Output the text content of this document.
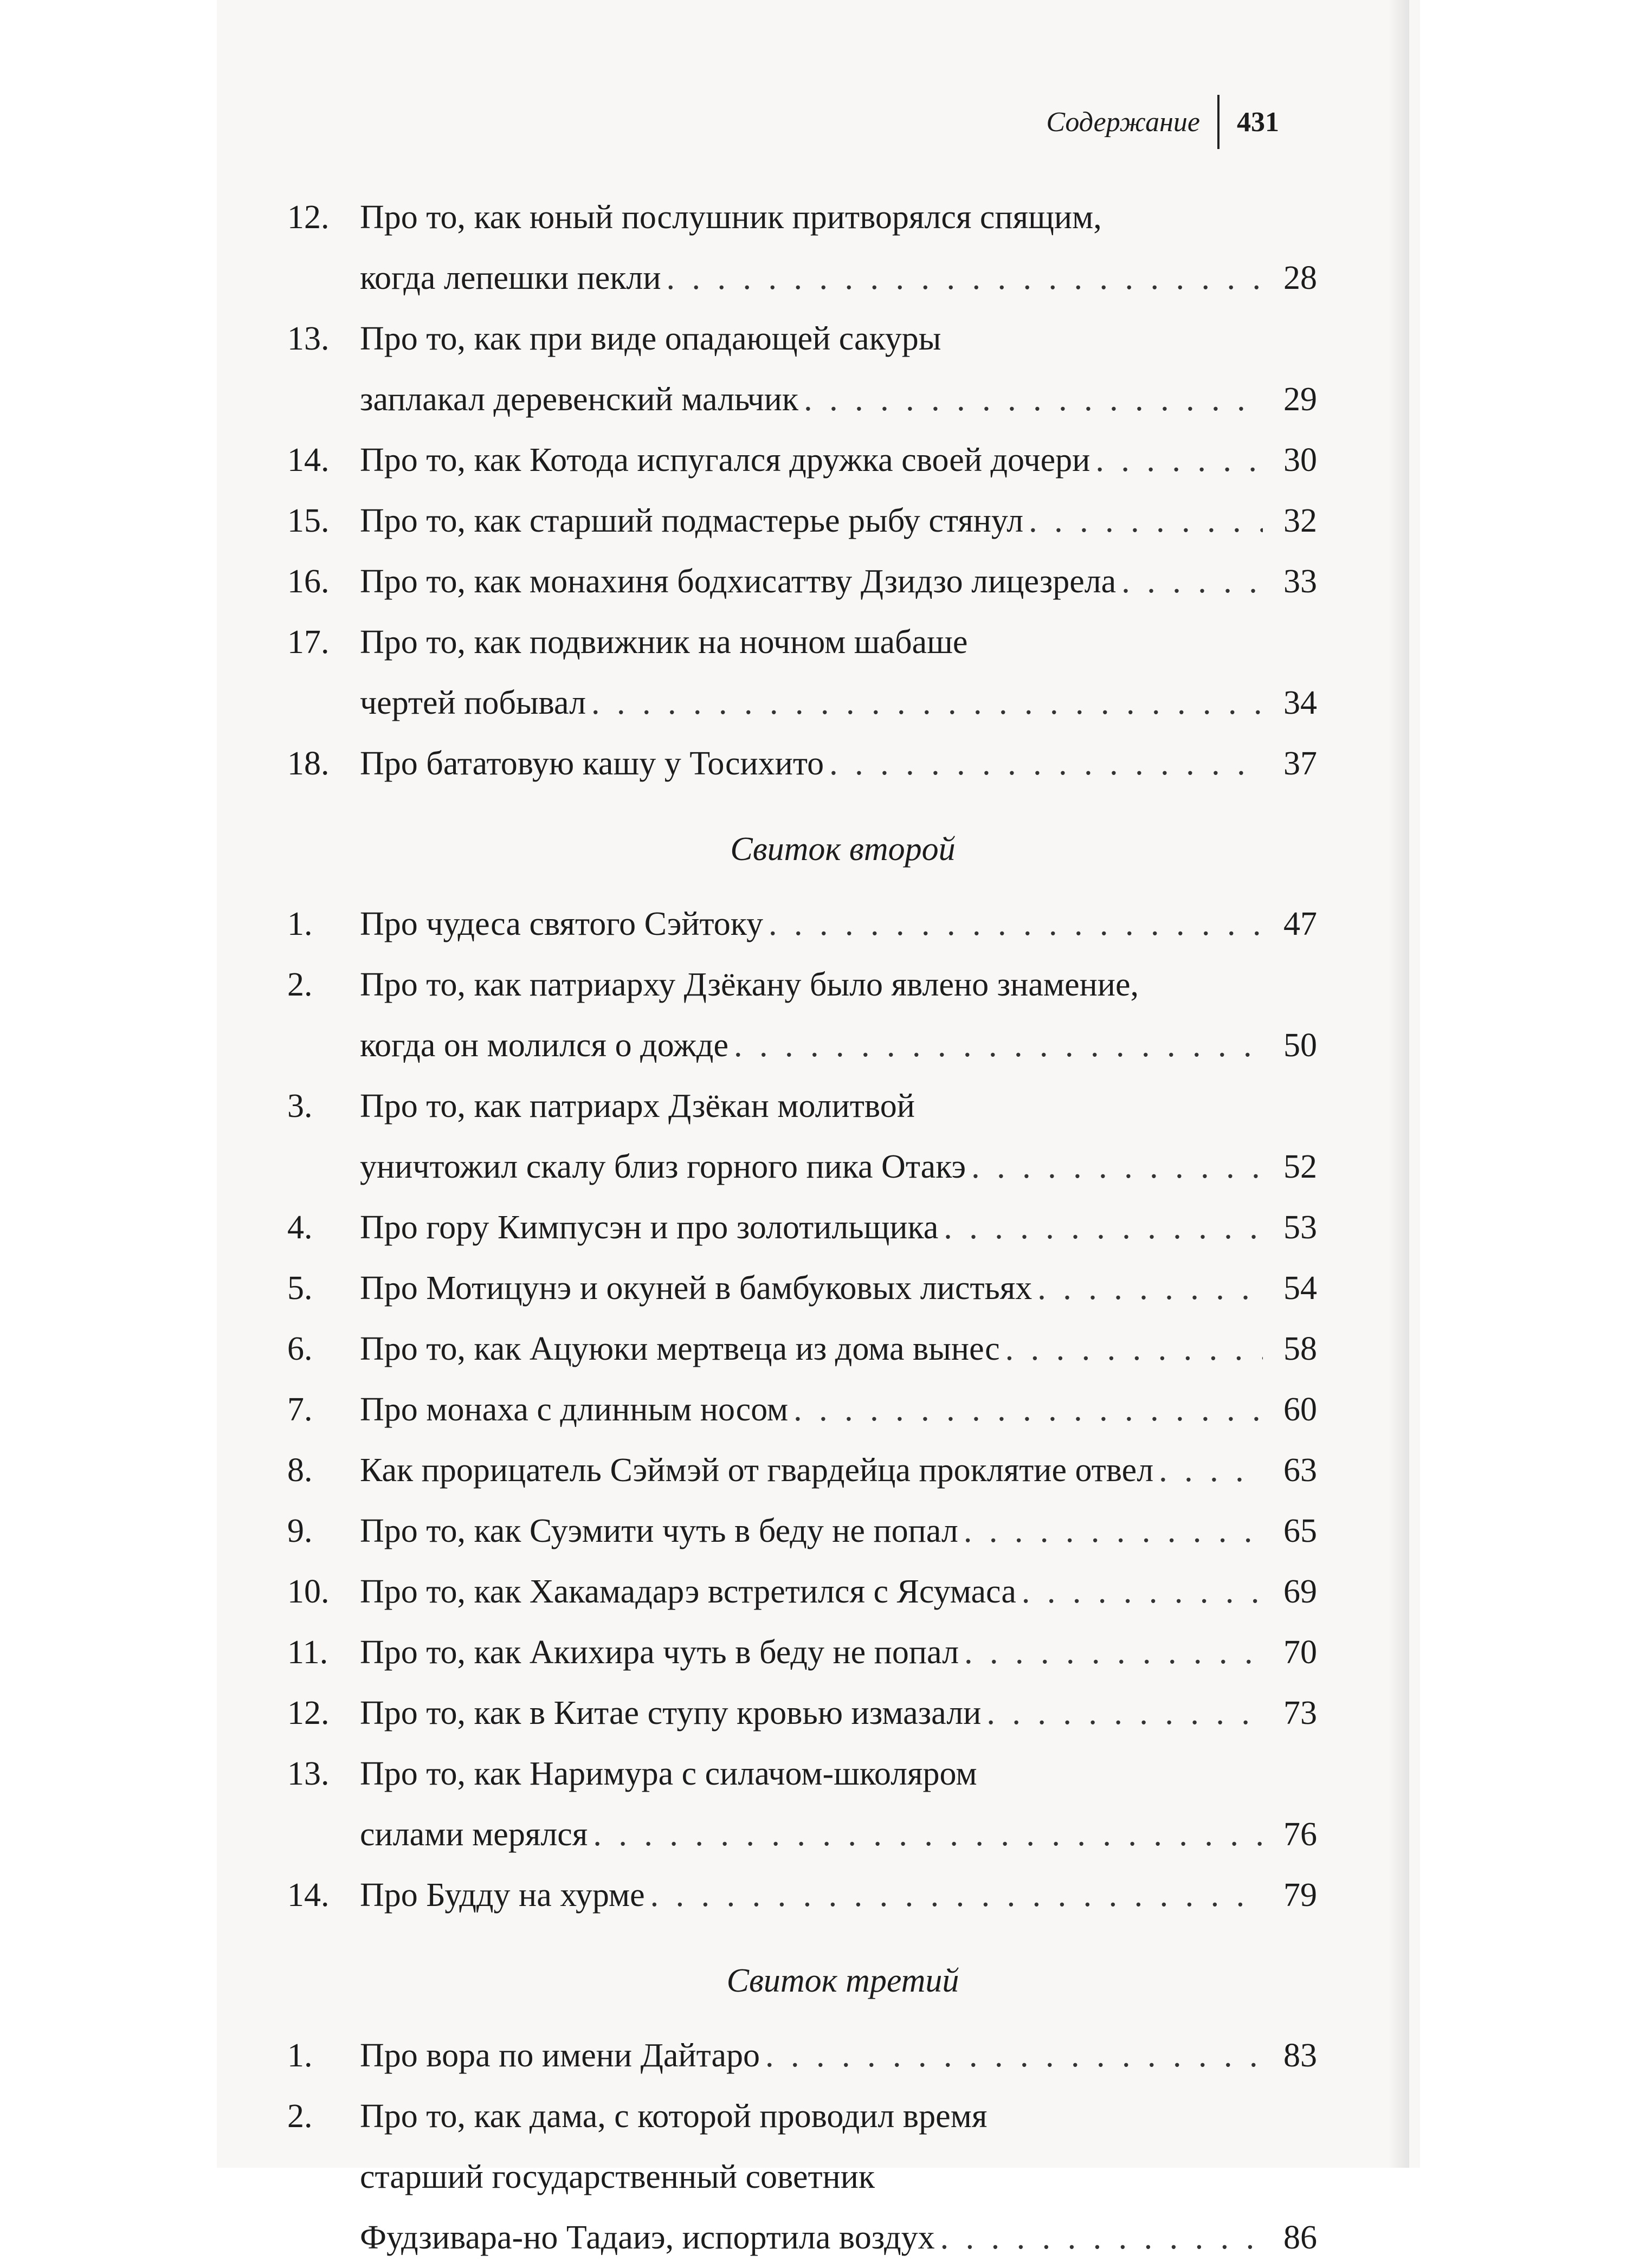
Содержание 431
12. Про то, как юный послушник притворялся спящим,
когда лепешки пекли . . .	28
13. Про то, как при виде опадающей сакуры
заплакал деревенский мальчик . . .	29
14. Про то, как Котода испугался дружка своей дочери . . .	30
15. Про то, как старший подмастерье рыбу стянул . . .	32
16. Про то, как монахиня бодхисаттву Дзидзо лицезрела . . .	33
17. Про то, как подвижник на ночном шабаше
чертей побывал . . .	34
18. Про бататовую кашу у Тосихито . . .	37
Свиток второй
1.	Про чудеса святого Сэйтоку . . .	47
2.	Про то, как патриарху Дзёкану было явлено знамение,
когда он молился о дожде . . .	50
3.	Про то, как патриарх Дзёкан молитвой
уничтожил скалу близ горного пика Отакэ . . .	52
4.	Про гору Кимпусэн и про золотильщика . . .	53
5.	Про Мотицунэ и окуней в бамбуковых листьях . . .	54
6.	Про то, как Ацуюки мертвеца из дома вынес . . .	58
7.	Про монаха с длинным носом . . .	60
8.	Как прорицатель Сэймэй от гвардейца проклятие отвел . . .	63
9.	Про то, как Суэмити чуть в беду не попал . . .	65
10. Про то, как Хакамадарэ встретился с Ясумаса . . .	69
11. Про то, как Акихира чуть в беду не попал . . .	70
12. Про то, как в Китае ступу кровью измазали . . .	73
13. Про то, как Наримура с силачом-школяром
силами мерялся . . .	76
14. Про Будду на хурме . . .	79
Свиток третий
1.	Про вора по имени Дайтаро . . .	83
2.	Про то, как дама, с которой проводил время
старший государственный советник
Фудзивара-но Тадаиэ, испортила воздух . . .	86
